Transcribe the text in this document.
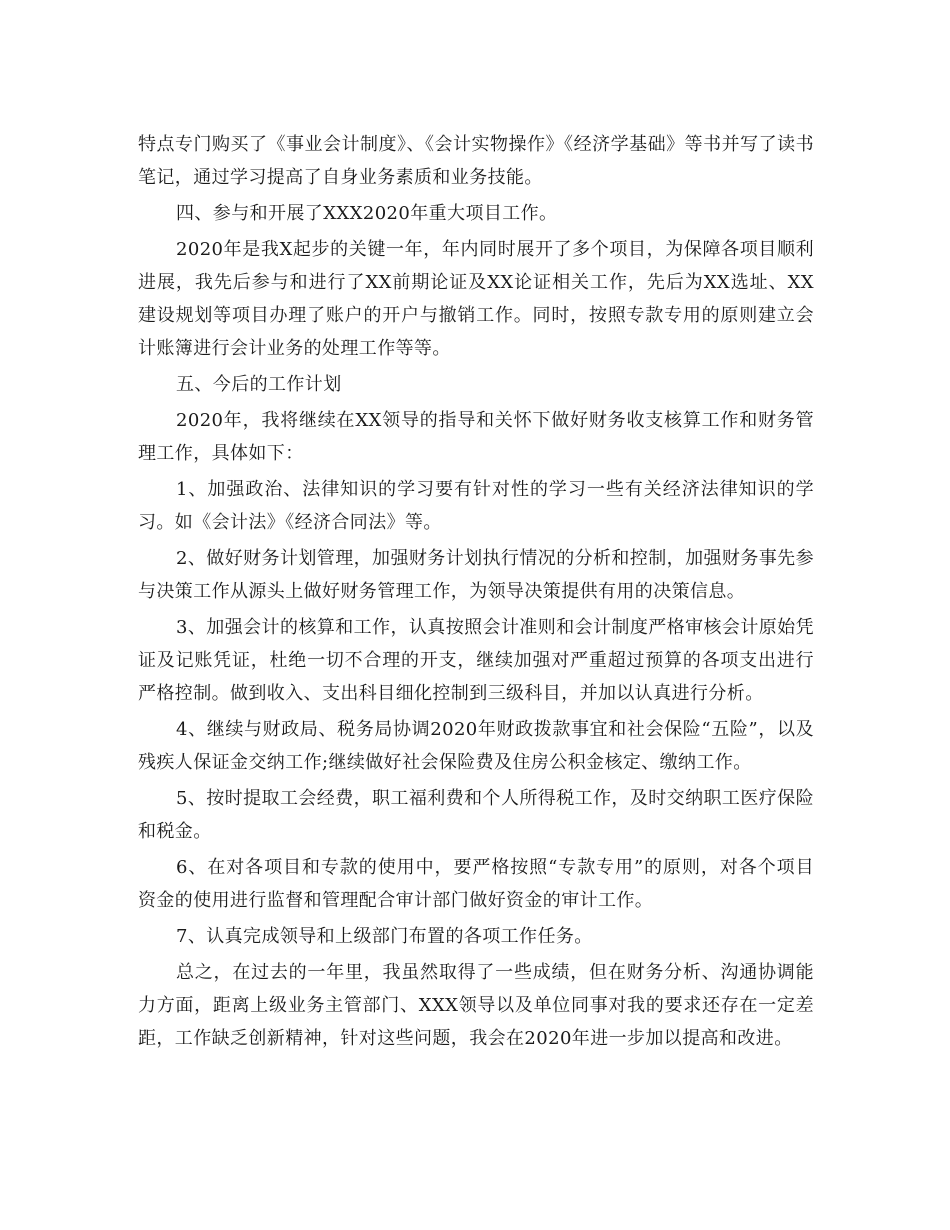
特点专门购买了《事业会计制度》、《会计实物操作》《经济学基础》等书并写了读书笔记，通过学习提高了自身业务素质和业务技能。

四、参与和开展了XXX2020年重大项目工作。

2020年是我X起步的关键一年，年内同时展开了多个项目，为保障各项目顺利进展，我先后参与和进行了XX前期论证及XX论证相关工作，先后为XX选址、XX建设规划等项目办理了账户的开户与撤销工作。同时，按照专款专用的原则建立会计账簿进行会计业务的处理工作等等。

五、今后的工作计划

2020年，我将继续在XX领导的指导和关怀下做好财务收支核算工作和财务管理工作，具体如下：

1、加强政治、法律知识的学习要有针对性的学习一些有关经济法律知识的学习。如《会计法》《经济合同法》等。

2、做好财务计划管理，加强财务计划执行情况的分析和控制，加强财务事先参与决策工作从源头上做好财务管理工作，为领导决策提供有用的决策信息。

3、加强会计的核算和工作，认真按照会计准则和会计制度严格审核会计原始凭证及记账凭证，杜绝一切不合理的开支，继续加强对严重超过预算的各项支出进行严格控制。做到收入、支出科目细化控制到三级科目，并加以认真进行分析。

4、继续与财政局、税务局协调2020年财政拨款事宜和社会保险“五险”，以及残疾人保证金交纳工作;继续做好社会保险费及住房公积金核定、缴纳工作。

5、按时提取工会经费，职工福利费和个人所得税工作，及时交纳职工医疗保险和税金。

6、在对各项目和专款的使用中，要严格按照“专款专用”的原则，对各个项目资金的使用进行监督和管理配合审计部门做好资金的审计工作。

7、认真完成领导和上级部门布置的各项工作任务。

总之，在过去的一年里，我虽然取得了一些成绩，但在财务分析、沟通协调能力方面，距离上级业务主管部门、XXX领导以及单位同事对我的要求还存在一定差距，工作缺乏创新精神，针对这些问题，我会在2020年进一步加以提高和改进。
